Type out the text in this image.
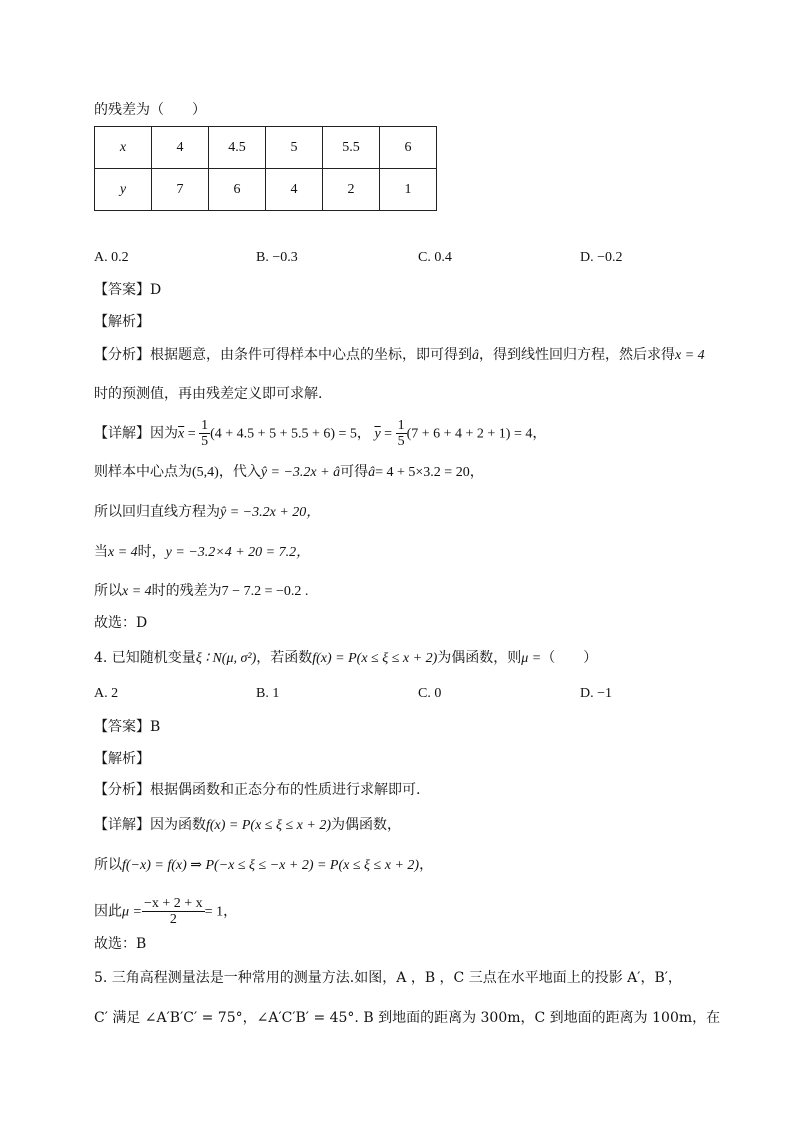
的残差为（　　）
x	4	4.5	5	5.5	6
y	7	6	4	2	1
A. 0.2	B. −0.3	C. 0.4	D. −0.2
【答案】D
【解析】
【分析】根据题意，由条件可得样本中心点的坐标，即可得到â，得到线性回归方程，然后求得x = 4
时的预测值，再由残差定义即可求解.
【详解】因为$\overline{x} = \frac{1}{5} (4 + 4.5 + 5 + 5.5 + 6) = 5$， $\overline{y} = \frac{1}{5} (7 + 6 + 4 + 2 + 1) = 4$，
则样本中心点为(5,4)，代入ŷ = −3.2x + â可得â= 4 + 5×3.2 = 20，
所以回归直线方程为ŷ = −3.2x + 20，
当x = 4时，y = −3.2×4 + 20 = 7.2，
所以x = 4时的残差为7 − 7.2 = −0.2 .
故选：D
4. 已知随机变量ξ ∶ N(μ, σ²)，若函数f(x) = P(x ≤ ξ ≤ x + 2)为偶函数，则μ =（　　）
A. 2	B. 1	C. 0	D. −1
【答案】B
【解析】
【分析】根据偶函数和正态分布的性质进行求解即可.
【详解】因为函数f(x) = P(x ≤ ξ ≤ x + 2)为偶函数，
所以f(−x) = f(x) ⇒ P(−x ≤ ξ ≤ −x + 2) = P(x ≤ ξ ≤ x + 2)，
因此$\mu = \frac{-x + 2 + x}{2} = 1$，
故选：B
5. 三角高程测量法是一种常用的测量方法.如图，A ，B ，C 三点在水平地面上的投影 A′，B′，
C′ 满足 ∠A′B′C′ = 75°，∠A′C′B′ = 45°. B 到地面的距离为 300m，C 到地面的距离为 100m，在
